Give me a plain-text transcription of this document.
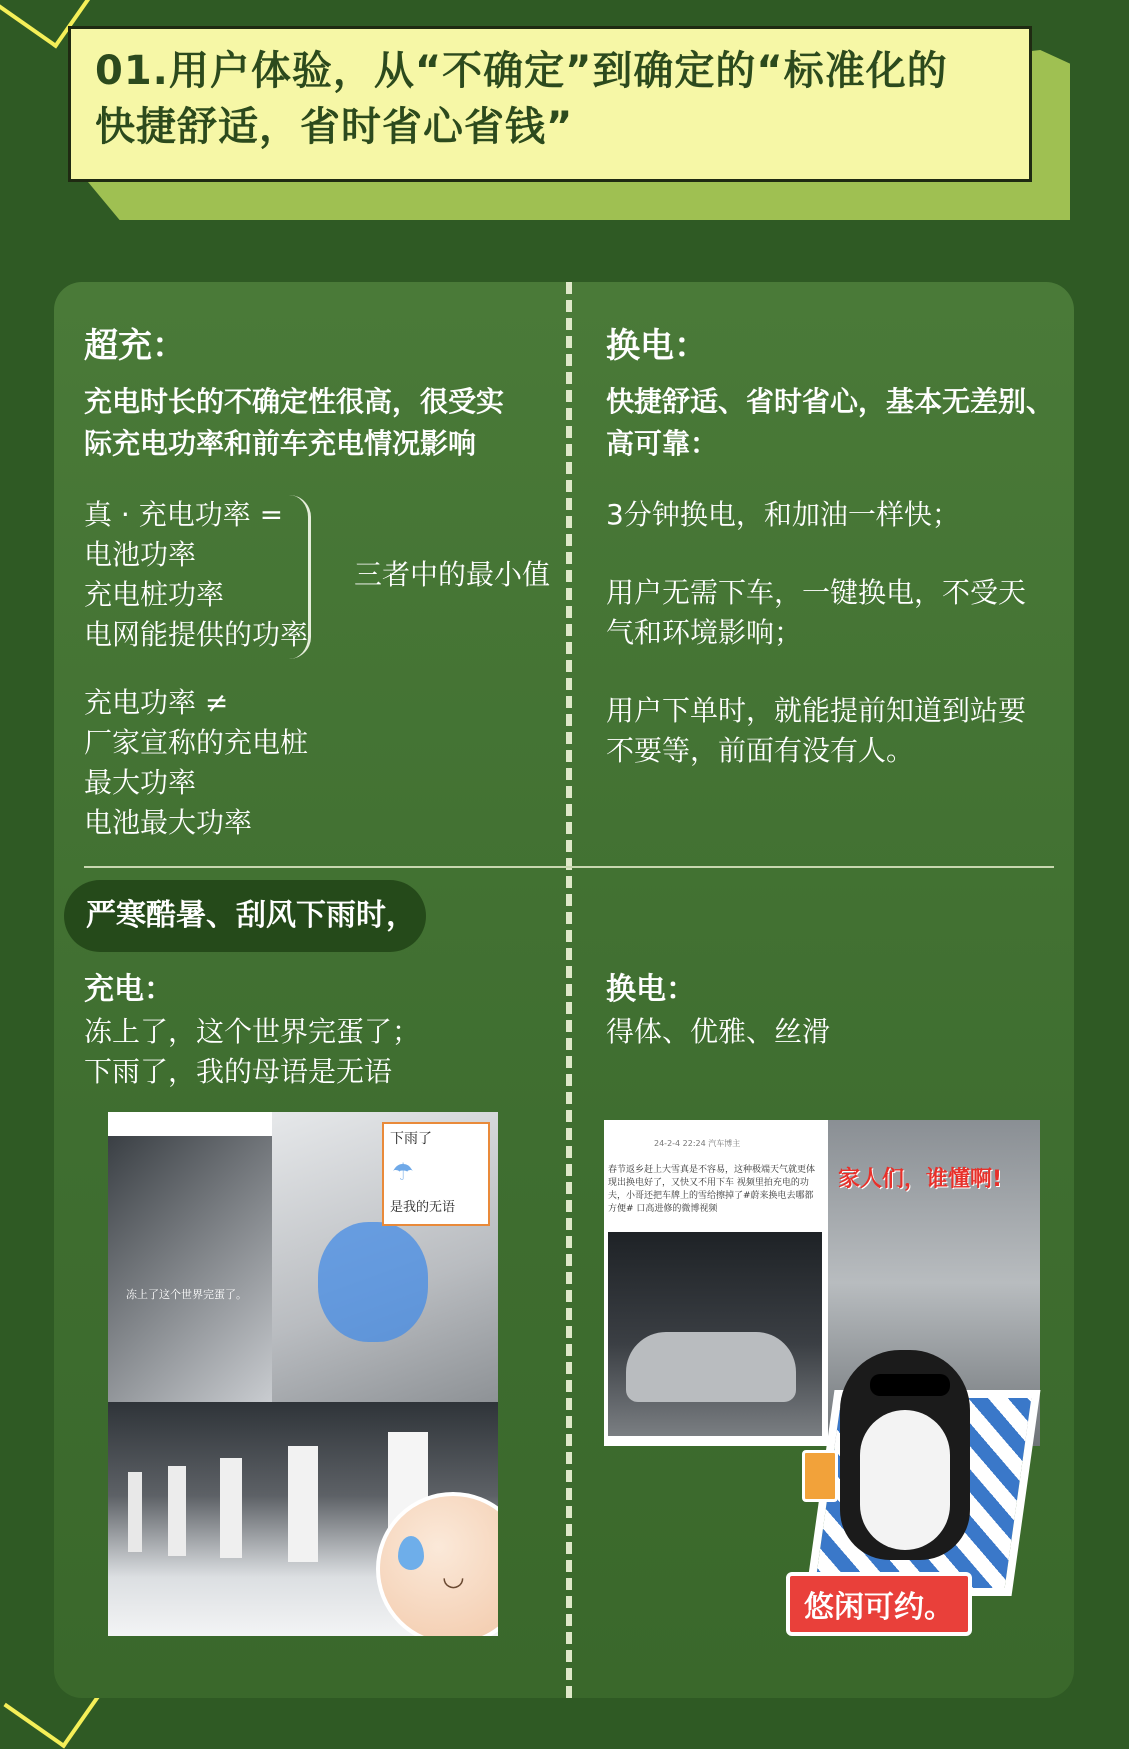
01.用户体验，从“不确定”到确定的“标准化的
快捷舒适，省时省心省钱”
超充：
充电时长的不确定性很高，很受实
际充电功率和前车充电情况影响
真 · 充电功率 =
电池功率
充电桩功率
电网能提供的功率
三者中的最小值
充电功率 ≠
厂家宣称的充电桩
最大功率
电池最大功率
换电：
快捷舒适、省时省心，基本无差别、
高可靠：
3分钟换电，和加油一样快；
用户无需下车，一键换电，不受天
气和环境影响；
用户下单时，就能提前知道到站要
不要等，前面有没有人。
严寒酷暑、刮风下雨时，
充电：
冻上了，这个世界完蛋了；
下雨了，我的母语是无语
换电：
得体、优雅、丝滑
冻上了这个世界完蛋了。
下雨了
是我的无语
☂
◡
24-2-4 22:24 汽车博主
春节返乡赶上大雪真是不容易，这种极端天气就更体现出换电好了，又快又不用下车 视频里拍充电的功夫，小哥还把车牌上的雪给擦掉了#蔚来换电去哪都方便# 口高进修的微博视频
家人们，谁懂啊!
悠闲可约。
